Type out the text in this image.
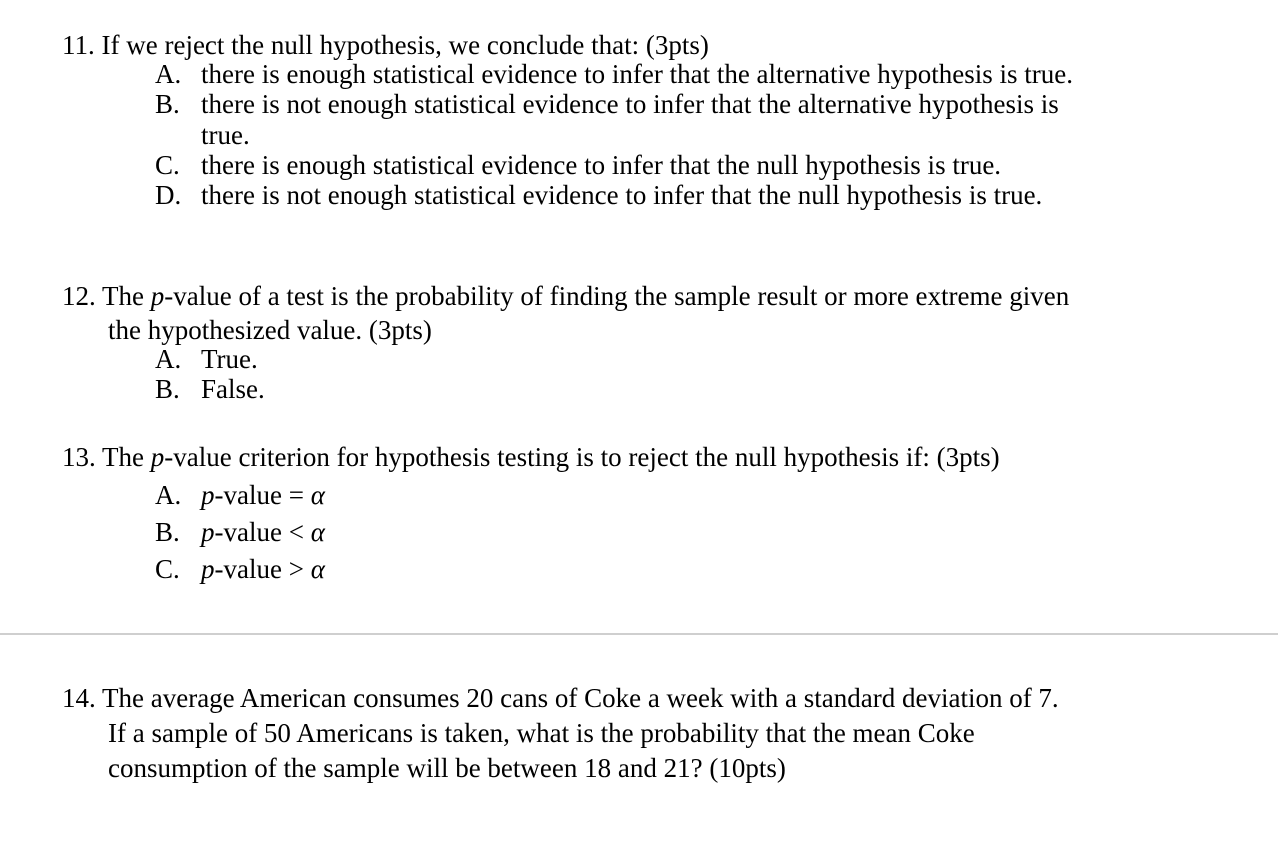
11. If we reject the null hypothesis, we conclude that: (3pts)
A. there is enough statistical evidence to infer that the alternative hypothesis is true.
B. there is not enough statistical evidence to infer that the alternative hypothesis is
true.
C. there is enough statistical evidence to infer that the null hypothesis is true.
D. there is not enough statistical evidence to infer that the null hypothesis is true.
12. The p-value of a test is the probability of finding the sample result or more extreme given
the hypothesized value. (3pts)
A. True.
B. False.
13. The p-value criterion for hypothesis testing is to reject the null hypothesis if: (3pts)
A. p-value = α
B. p-value < α
C. p-value > α
14. The average American consumes 20 cans of Coke a week with a standard deviation of 7.
If a sample of 50 Americans is taken, what is the probability that the mean Coke
consumption of the sample will be between 18 and 21? (10pts)
